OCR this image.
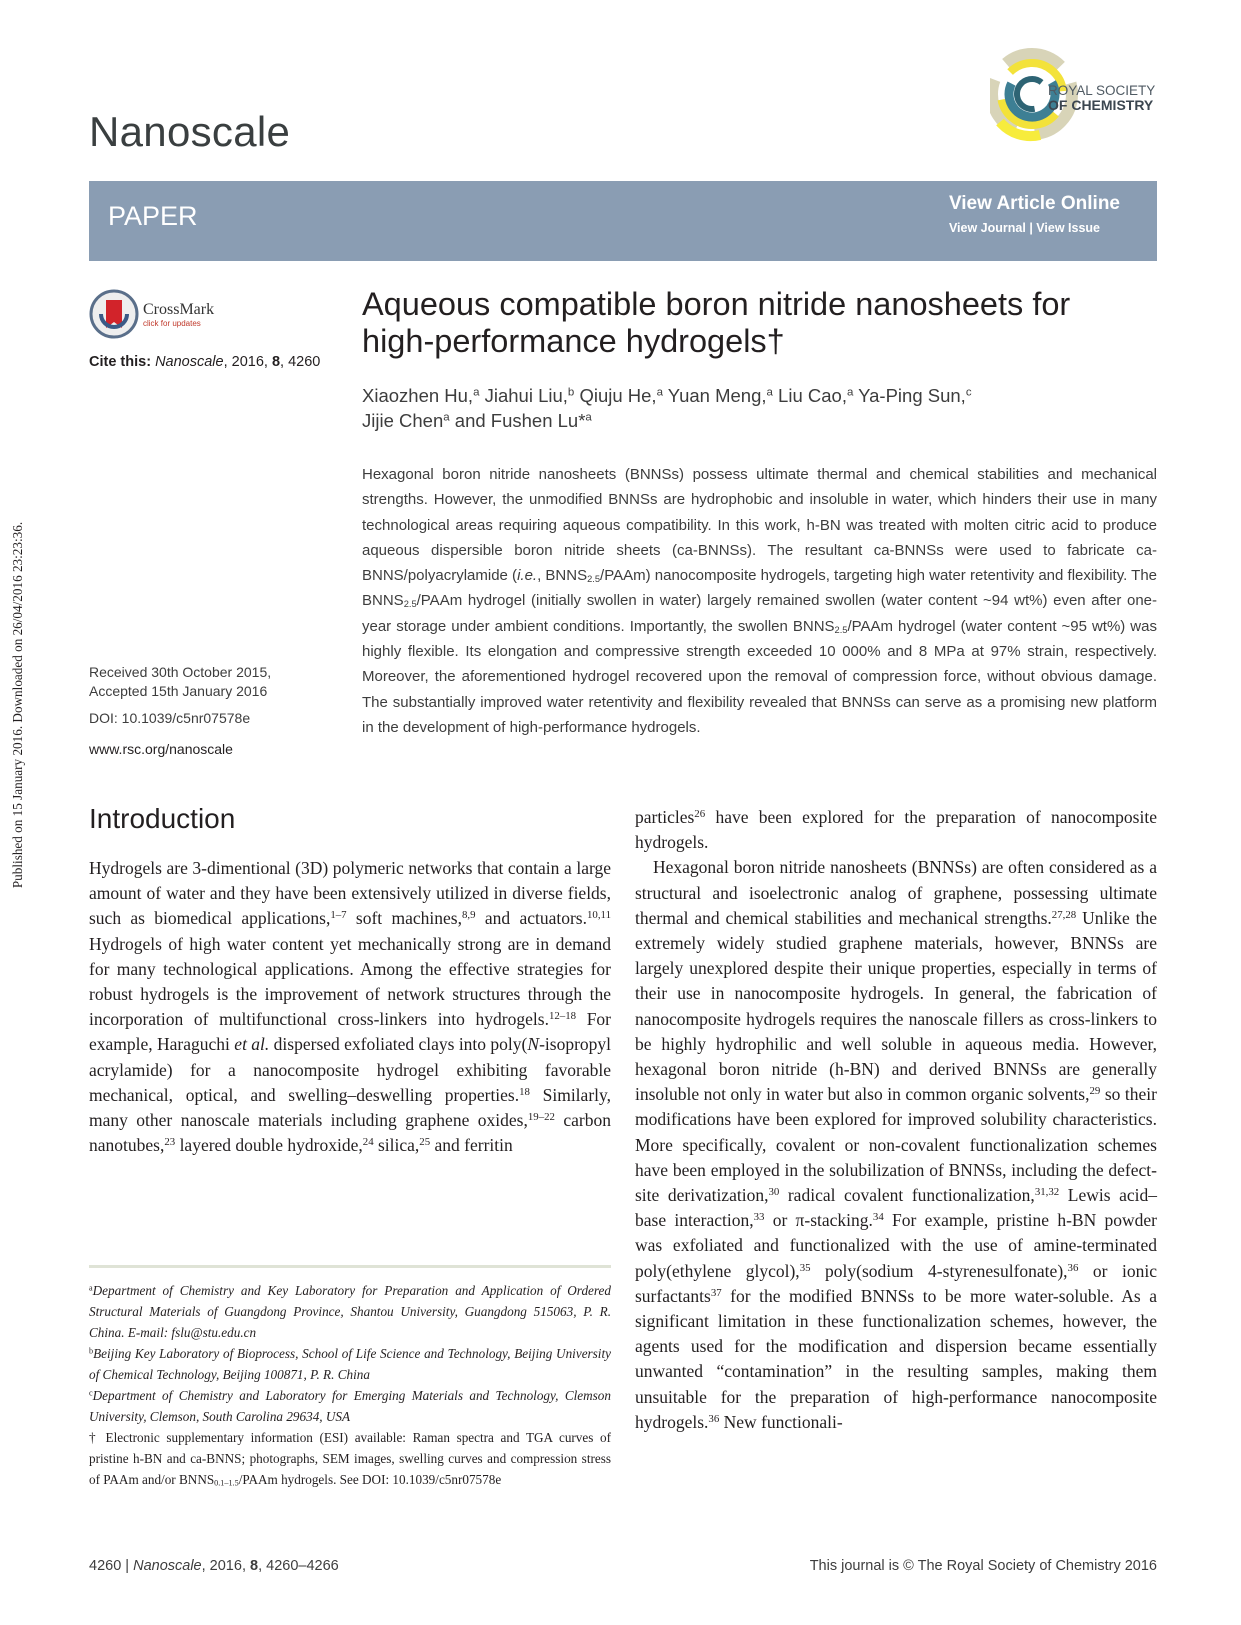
Published on 15 January 2016. Downloaded on 26/04/2016 23:23:36.
Nanoscale
ROYAL SOCIETY
OF CHEMISTRY
PAPER	View Article Online
View Journal | View Issue
CrossMark
click for updates
Cite this: Nanoscale, 2016, 8, 4260
Aqueous compatible boron nitride nanosheets for
high-performance hydrogels†
Xiaozhen Hu,$^a$ Jiahui Liu,$^b$ Qiuju He,$^a$ Yuan Meng,$^a$ Liu Cao,$^a$ Ya-Ping Sun,$^c$
Jijie Chen$^a$ and Fushen Lu*$^a$
Received 30th October 2015,
Accepted 15th January 2016
DOI: 10.1039/c5nr07578e
www.rsc.org/nanoscale
Hexagonal boron nitride nanosheets (BNNSs) possess ultimate thermal and chemical stabilities and mechanical strengths. However, the unmodified BNNSs are hydrophobic and insoluble in water, which hinders their use in many technological areas requiring aqueous compatibility. In this work, h-BN was treated with molten citric acid to produce aqueous dispersible boron nitride sheets (ca-BNNSs). The resultant ca-BNNSs were used to fabricate ca-BNNS/polyacrylamide (i.e., $BNNS_{2.5}/PAAm$) nanocomposite hydrogels, targeting high water retentivity and flexibility. The $BNNS_{2.5}$/PAAm hydrogel (initially swollen in water) largely remained swollen (water content ~94 wt%) even after one-year storage under ambient conditions. Importantly, the swollen $BNNS_{2.5}$/PAAm hydrogel (water content ~95 wt%) was highly flexible. Its elongation and compressive strength exceeded 10 000% and 8 MPa at 97% strain, respectively. Moreover, the aforementioned hydrogel recovered upon the removal of compression force, without obvious damage. The substantially improved water retentivity and flexibility revealed that BNNSs can serve as a promising new platform in the development of high-performance hydrogels.
Introduction

Hydrogels are 3-dimentional (3D) polymeric networks that contain a large amount of water and they have been extensively utilized in diverse fields, such as biomedical applications,$^{1-7}$ soft machines,$^{8,9}$ and actuators.$^{10,11}$ Hydrogels of high water content yet mechanically strong are in demand for many technological applications. Among the effective strategies for robust hydrogels is the improvement of network structures through the incorporation of multifunctional cross-linkers into hydrogels.$^{12-18}$ For example, Haraguchi et al. dispersed exfoliated clays into poly(N-isopropyl acrylamide) for a nanocomposite hydrogel exhibiting favorable mechanical, optical, and swelling–deswelling properties.$^{18}$ Similarly, many other nanoscale materials including graphene oxides,$^{19-22}$ carbon nanotubes,$^{23}$ layered double hydroxide,$^{24}$ silica,$^{25}$ and ferritin

particles$^{26}$ have been explored for the preparation of nanocomposite hydrogels.

Hexagonal boron nitride nanosheets (BNNSs) are often considered as a structural and isoelectronic analog of graphene, possessing ultimate thermal and chemical stabilities and mechanical strengths.$^{27,28}$ Unlike the extremely widely studied graphene materials, however, BNNSs are largely unexplored despite their unique properties, especially in terms of their use in nanocomposite hydrogels. In general, the fabrication of nanocomposite hydrogels requires the nanoscale fillers as cross-linkers to be highly hydrophilic and well soluble in aqueous media. However, hexagonal boron nitride (h-BN) and derived BNNSs are generally insoluble not only in water but also in common organic solvents,$^{29}$ so their modifications have been explored for improved solubility characteristics. More specifically, covalent or non-covalent functionalization schemes have been employed in the solubilization of BNNSs, including the defect-site derivatization,$^{30}$ radical covalent functionalization,$^{31,32}$ Lewis acid–base interaction,$^{33}$ or π-stacking.$^{34}$ For example, pristine h-BN powder was exfoliated and functionalized with the use of amine-terminated poly(ethylene glycol),$^{35}$ poly(sodium 4-styrenesulfonate),$^{36}$ or ionic surfactants$^{37}$ for the modified BNNSs to be more water-soluble. As a significant limitation in these functionalization schemes, however, the agents used for the modification and dispersion became essentially unwanted “contamination” in the resulting samples, making them unsuitable for the preparation of high-performance nanocomposite hydrogels.$^{36}$ New functionali-

$^a$Department of Chemistry and Key Laboratory for Preparation and Application of Ordered Structural Materials of Guangdong Province, Shantou University, Guangdong 515063, P. R. China. E-mail: fslu@stu.edu.cn

$^b$Beijing Key Laboratory of Bioprocess, School of Life Science and Technology, Beijing University of Chemical Technology, Beijing 100871, P. R. China

$^c$Department of Chemistry and Laboratory for Emerging Materials and Technology, Clemson University, Clemson, South Carolina 29634, USA

† Electronic supplementary information (ESI) available: Raman spectra and TGA curves of pristine h-BN and ca-BNNS; photographs, SEM images, swelling curves and compression stress of PAAm and/or $BNNS_{0.1-1.5}$/PAAm hydrogels. See DOI: 10.1039/c5nr07578e

4260 | Nanoscale, 2016, 8, 4260–4266	This journal is © The Royal Society of Chemistry 2016
